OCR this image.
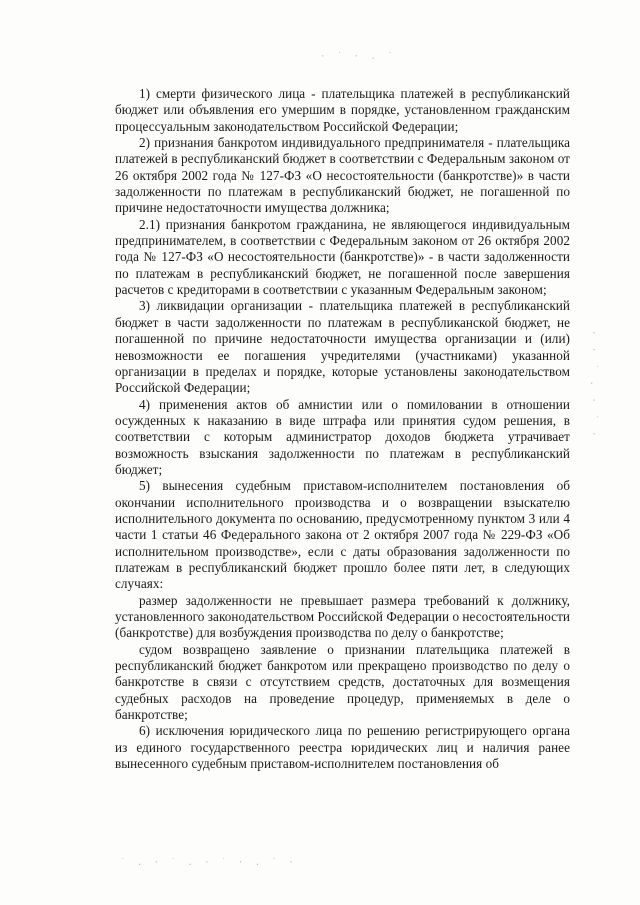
· ˙ · . ˙
· · ˙ . · ˙ ·
˙ . · ˙ . · ˙ · . ˙ ·

1) смерти физического лица - плательщика платежей в республиканский бюджет или объявления его умершим в порядке, установленном гражданским процессуальным законодательством Российской Федерации;

2) признания банкротом индивидуального предпринимателя - плательщика платежей в республиканский бюджет в соответствии с Федеральным законом от 26 октября 2002 года № 127-ФЗ «О несостоятельности (банкротстве)» в части задолженности по платежам в республиканский бюджет, не погашенной по причине недостаточности имущества должника;

2.1) признания банкротом гражданина, не являющегося индивидуальным предпринимателем, в соответствии с Федеральным законом от 26 октября 2002 года № 127-ФЗ «О несостоятельности (банкротстве)» - в части задолженности по платежам в республиканский бюджет, не погашенной после завершения расчетов с кредиторами в соответствии с указанным Федеральным законом;

3) ликвидации организации - плательщика платежей в республиканский бюджет в части задолженности по платежам в республиканской бюджет, не погашенной по причине недостаточности имущества организации и (или) невозможности ее погашения учредителями (участниками) указанной организации в пределах и порядке, которые установлены законодательством Российской Федерации;

4) применения актов об амнистии или о помиловании в отношении осужденных к наказанию в виде штрафа или принятия судом решения, в соответствии с которым администратор доходов бюджета утрачивает возможность взыскания задолженности по платежам в республиканский бюджет;

5) вынесения судебным приставом-исполнителем постановления об окончании исполнительного производства и о возвращении взыскателю исполнительного документа по основанию, предусмотренному пунктом 3 или 4 части 1 статьи 46 Федерального закона от 2 октября 2007 года № 229-ФЗ «Об исполнительном производстве», если с даты образования задолженности по платежам в республиканский бюджет прошло более пяти лет, в следующих случаях:

размер задолженности не превышает размера требований к должнику, установленного законодательством Российской Федерации о несостоятельности (банкротстве) для возбуждения производства по делу о банкротстве;

судом возвращено заявление о признании плательщика платежей в республиканский бюджет банкротом или прекращено производство по делу о банкротстве в связи с отсутствием средств, достаточных для возмещения судебных расходов на проведение процедур, применяемых в деле о банкротстве;

6) исключения юридического лица по решению регистрирующего органа из единого государственного реестра юридических лиц и наличия ранее вынесенного судебным приставом-исполнителем постановления об
